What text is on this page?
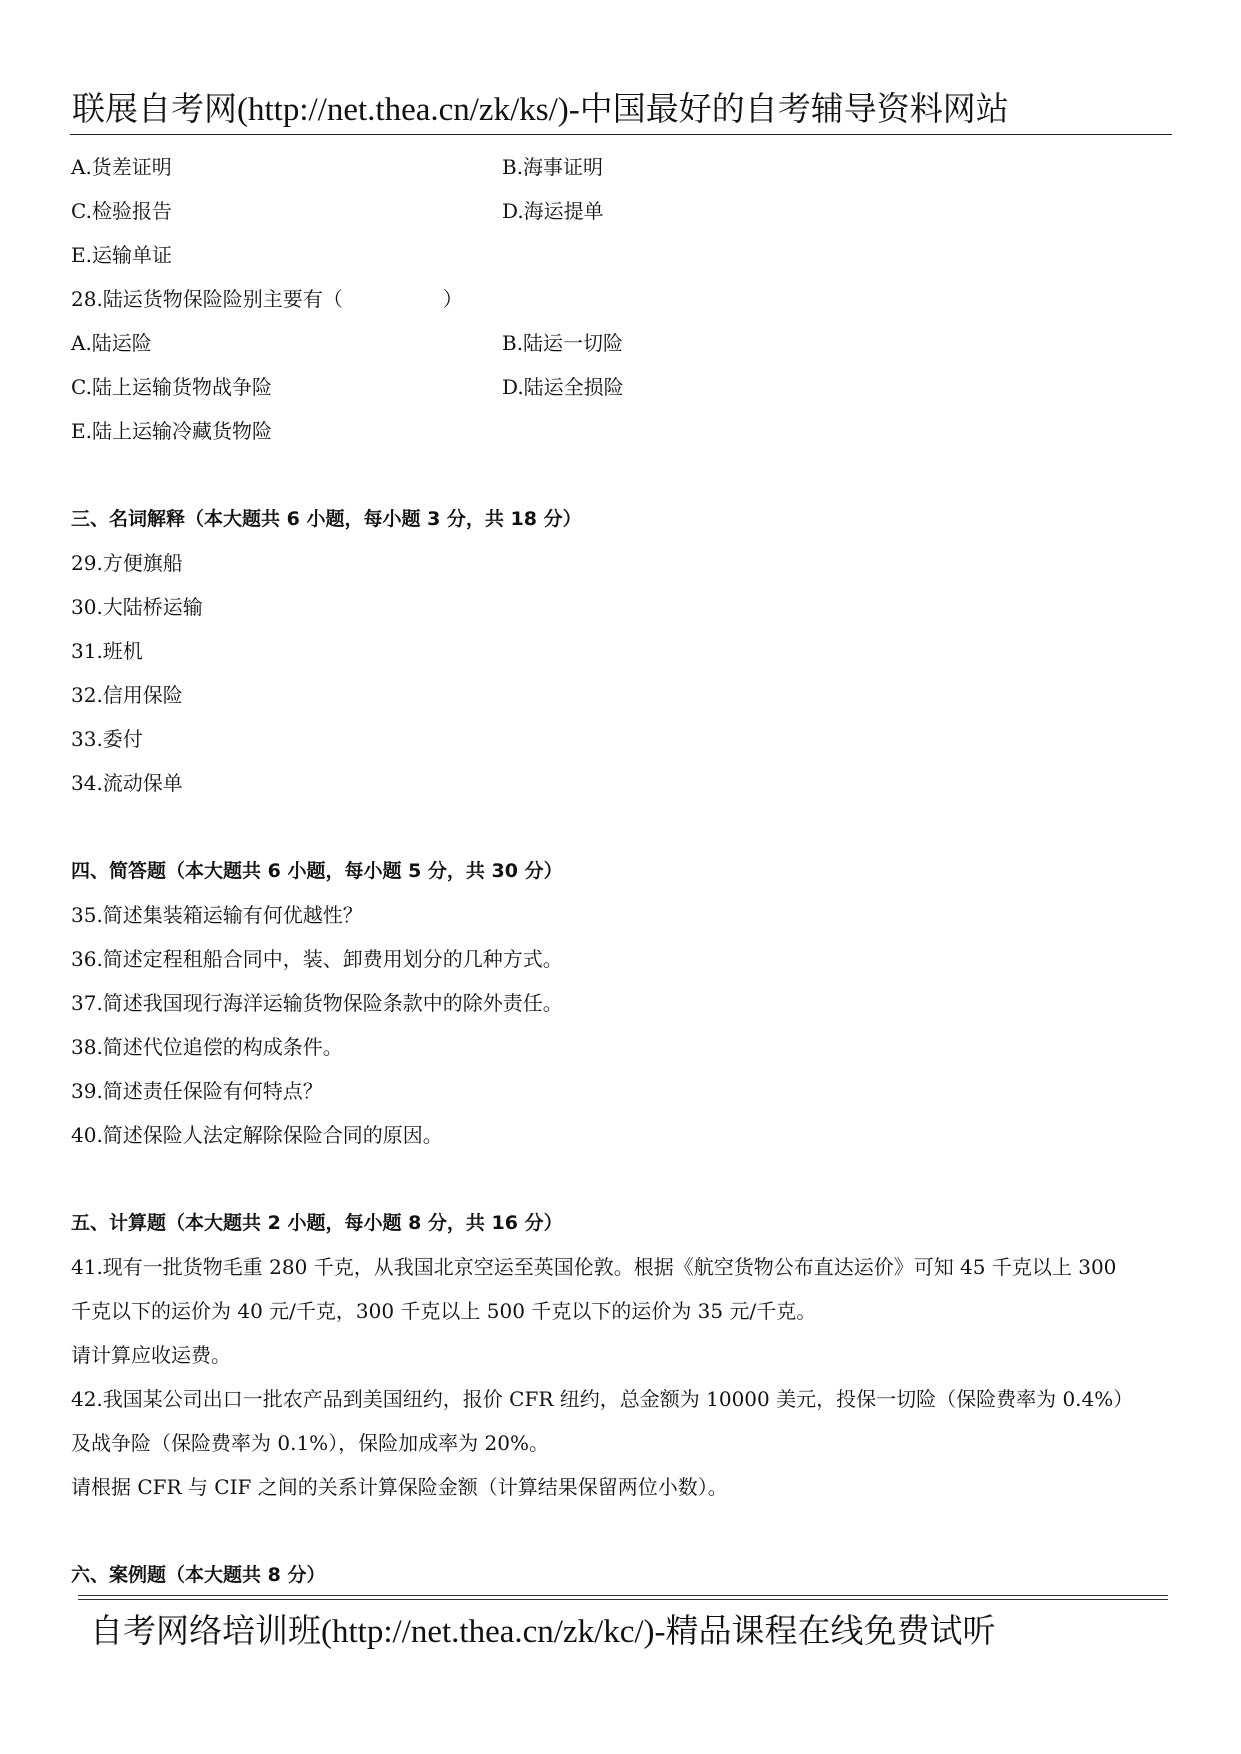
联展自考网(http://net.thea.cn/zk/ks/)-中国最好的自考辅导资料网站
A.货差证明	B.海事证明
C.检验报告	D.海运提单
E.运输单证
28.陆运货物保险险别主要有（　　　　　）
A.陆运险	B.陆运一切险
C.陆上运输货物战争险	D.陆运全损险
E.陆上运输冷藏货物险
三、名词解释（本大题共 6 小题，每小题 3 分，共 18 分）
29.方便旗船
30.大陆桥运输
31.班机
32.信用保险
33.委付
34.流动保单
四、简答题（本大题共 6 小题，每小题 5 分，共 30 分）
35.简述集装箱运输有何优越性？
36.简述定程租船合同中，装、卸费用划分的几种方式。
37.简述我国现行海洋运输货物保险条款中的除外责任。
38.简述代位追偿的构成条件。
39.简述责任保险有何特点？
40.简述保险人法定解除保险合同的原因。
五、计算题（本大题共 2 小题，每小题 8 分，共 16 分）
41.现有一批货物毛重 280 千克，从我国北京空运至英国伦敦。根据《航空货物公布直达运价》可知 45 千克以上 300
千克以下的运价为 40 元/千克，300 千克以上 500 千克以下的运价为 35 元/千克。
请计算应收运费。
42.我国某公司出口一批农产品到美国纽约，报价 CFR 纽约，总金额为 10000 美元，投保一切险（保险费率为 0.4%）
及战争险（保险费率为 0.1%），保险加成率为 20%。
请根据 CFR 与 CIF 之间的关系计算保险金额（计算结果保留两位小数）。
六、案例题（本大题共 8 分）
自考网络培训班(http://net.thea.cn/zk/kc/)-精品课程在线免费试听
